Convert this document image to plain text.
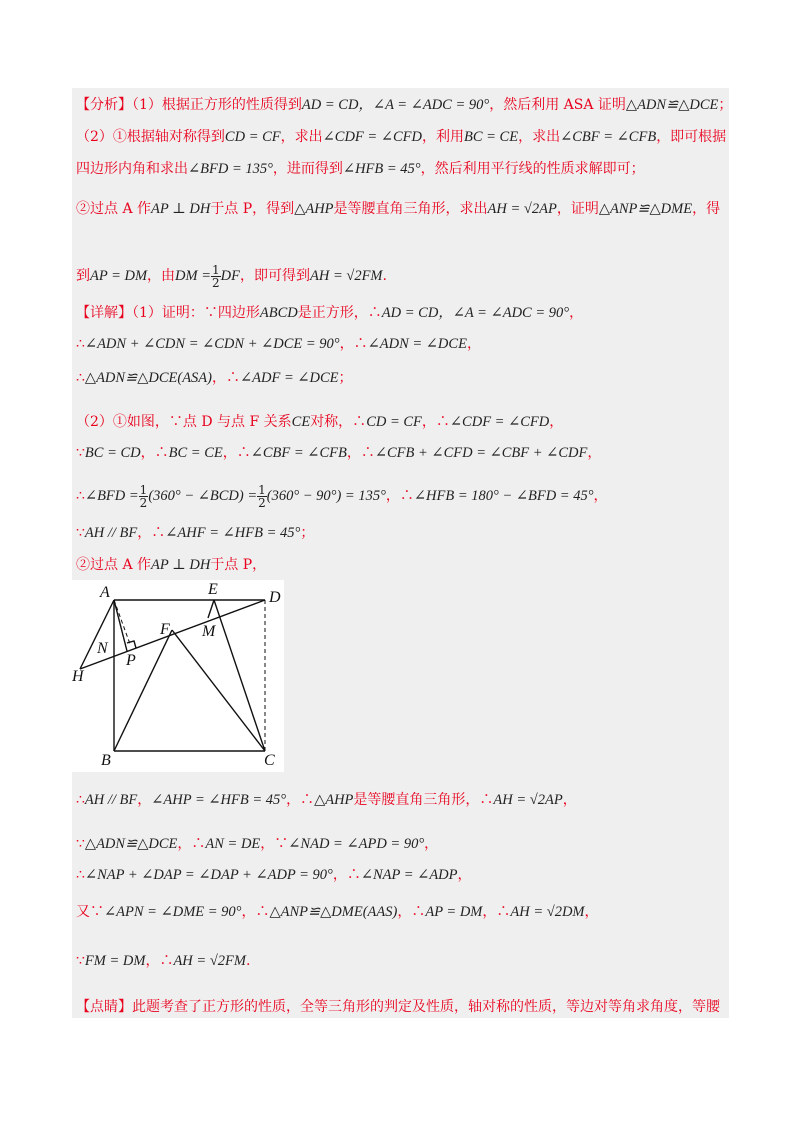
【分析】（1）根据正方形的性质得到AD = CD，∠A = ∠ADC = 90°，然后利用 ASA 证明△ADN≌△DCE；
（2）①根据轴对称得到CD = CF，求出∠CDF = ∠CFD，利用BC = CE，求出∠CBF = ∠CFB，即可根据
四边形内角和求出∠BFD = 135°，进而得到∠HFB = 45°，然后利用平行线的性质求解即可；
②过点 A 作AP ⊥ DH于点 P，得到△AHP是等腰直角三角形，求出AH = √2AP，证明△ANP≌△DME，得
到AP = DM，由DM = $\frac{1}{2}$ DF，即可得到AH = √2FM.
【详解】（1）证明：∵四边形ABCD是正方形，∴AD = CD，∠A = ∠ADC = 90°，
∴∠ADN + ∠CDN = ∠CDN + ∠DCE = 90°，∴∠ADN = ∠DCE，
∴△ADN≌△DCE(ASA)，∴∠ADF = ∠DCE；
（2）①如图，∵点 D 与点 F 关系CE对称，∴CD = CF，∴∠CDF = ∠CFD，
∵BC = CD，∴BC = CE，∴∠CBF = ∠CFB，∴∠CFB + ∠CFD = ∠CBF + ∠CDF，
∴∠BFD = $\frac{1}{2} (360^\circ$ − ∠BCD) = $\frac{1}{2} (360^\circ - 90^\circ) = 135^\circ$，∴∠HFB = 180° − ∠BFD = 45°，
∵AH // BF，∴∠AHF = ∠HFB = 45°；
②过点 A 作AP ⊥ DH于点 P，
A	E	D
F M
N
P
H
B	C
∴AH // BF，∠AHP = ∠HFB = 45°，∴△AHP是等腰直角三角形，∴AH = √2AP，
∵△ADN≌△DCE，∴AN = DE，∵∠NAD = ∠APD = 90°，
∴∠NAP + ∠DAP = ∠DAP + ∠ADP = 90°，∴∠NAP = ∠ADP，
又∵∠APN = ∠DME = 90°，∴△ANP≌△DME(AAS)，∴AP = DM，∴AH = √2DM，
∵FM = DM，∴AH = √2FM.
【点睛】此题考查了正方形的性质，全等三角形的判定及性质，轴对称的性质，等边对等角求角度，等腰
